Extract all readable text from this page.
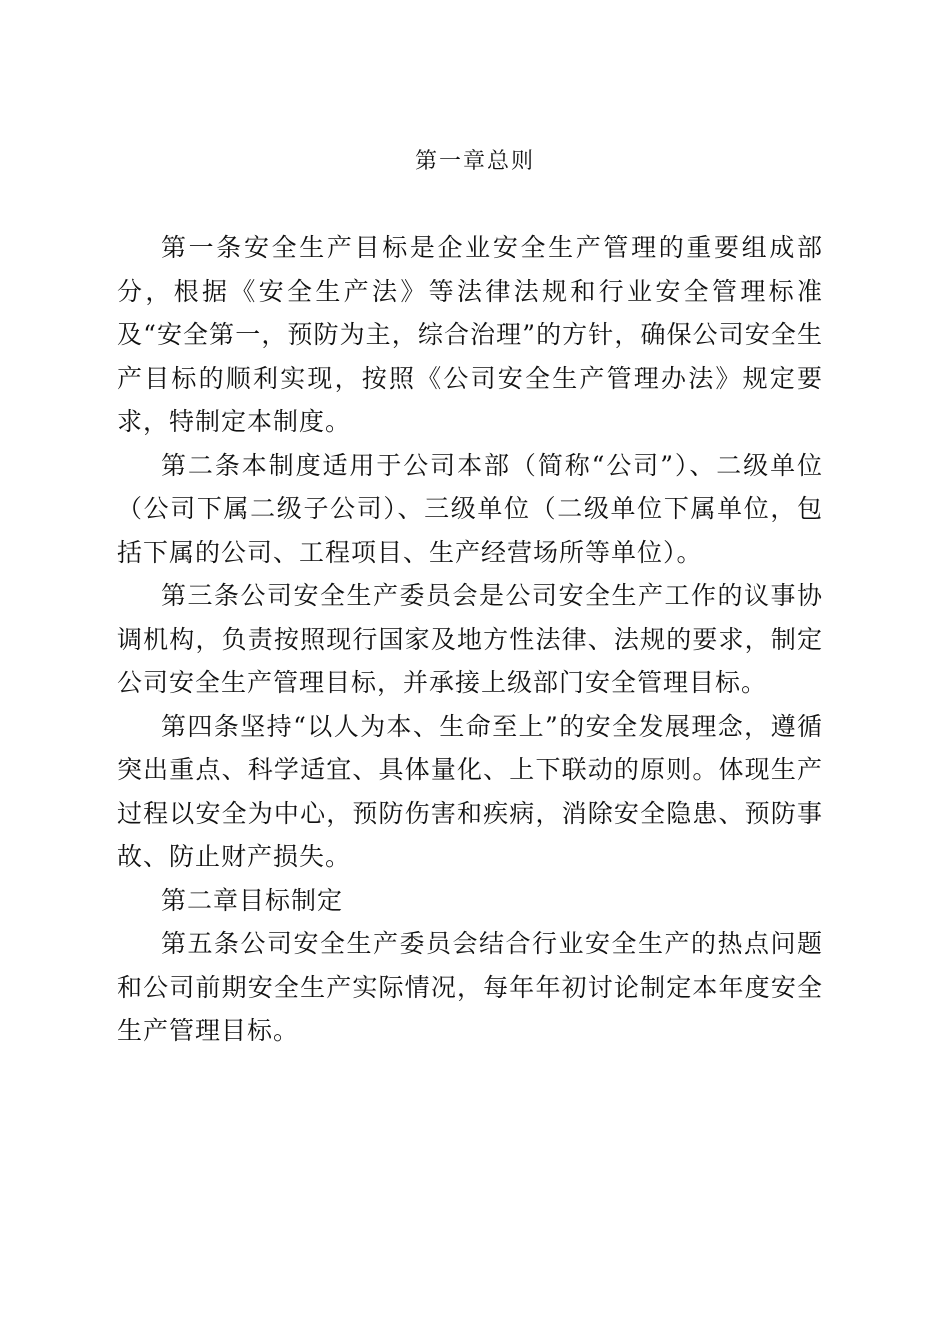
第一章总则

第一条安全生产目标是企业安全生产管理的重要组成部分，根据《安全生产法》等法律法规和行业安全管理标准及“安全第一，预防为主，综合治理”的方针，确保公司安全生产目标的顺利实现，按照《公司安全生产管理办法》规定要求，特制定本制度。

第二条本制度适用于公司本部（简称“公司”）、二级单位（公司下属二级子公司）、三级单位（二级单位下属单位，包括下属的公司、工程项目、生产经营场所等单位）。

第三条公司安全生产委员会是公司安全生产工作的议事协调机构，负责按照现行国家及地方性法律、法规的要求，制定公司安全生产管理目标，并承接上级部门安全管理目标。

第四条坚持“以人为本、生命至上”的安全发展理念，遵循突出重点、科学适宜、具体量化、上下联动的原则。体现生产过程以安全为中心，预防伤害和疾病，消除安全隐患、预防事故、防止财产损失。

第二章目标制定

第五条公司安全生产委员会结合行业安全生产的热点问题和公司前期安全生产实际情况，每年年初讨论制定本年度安全生产管理目标。
